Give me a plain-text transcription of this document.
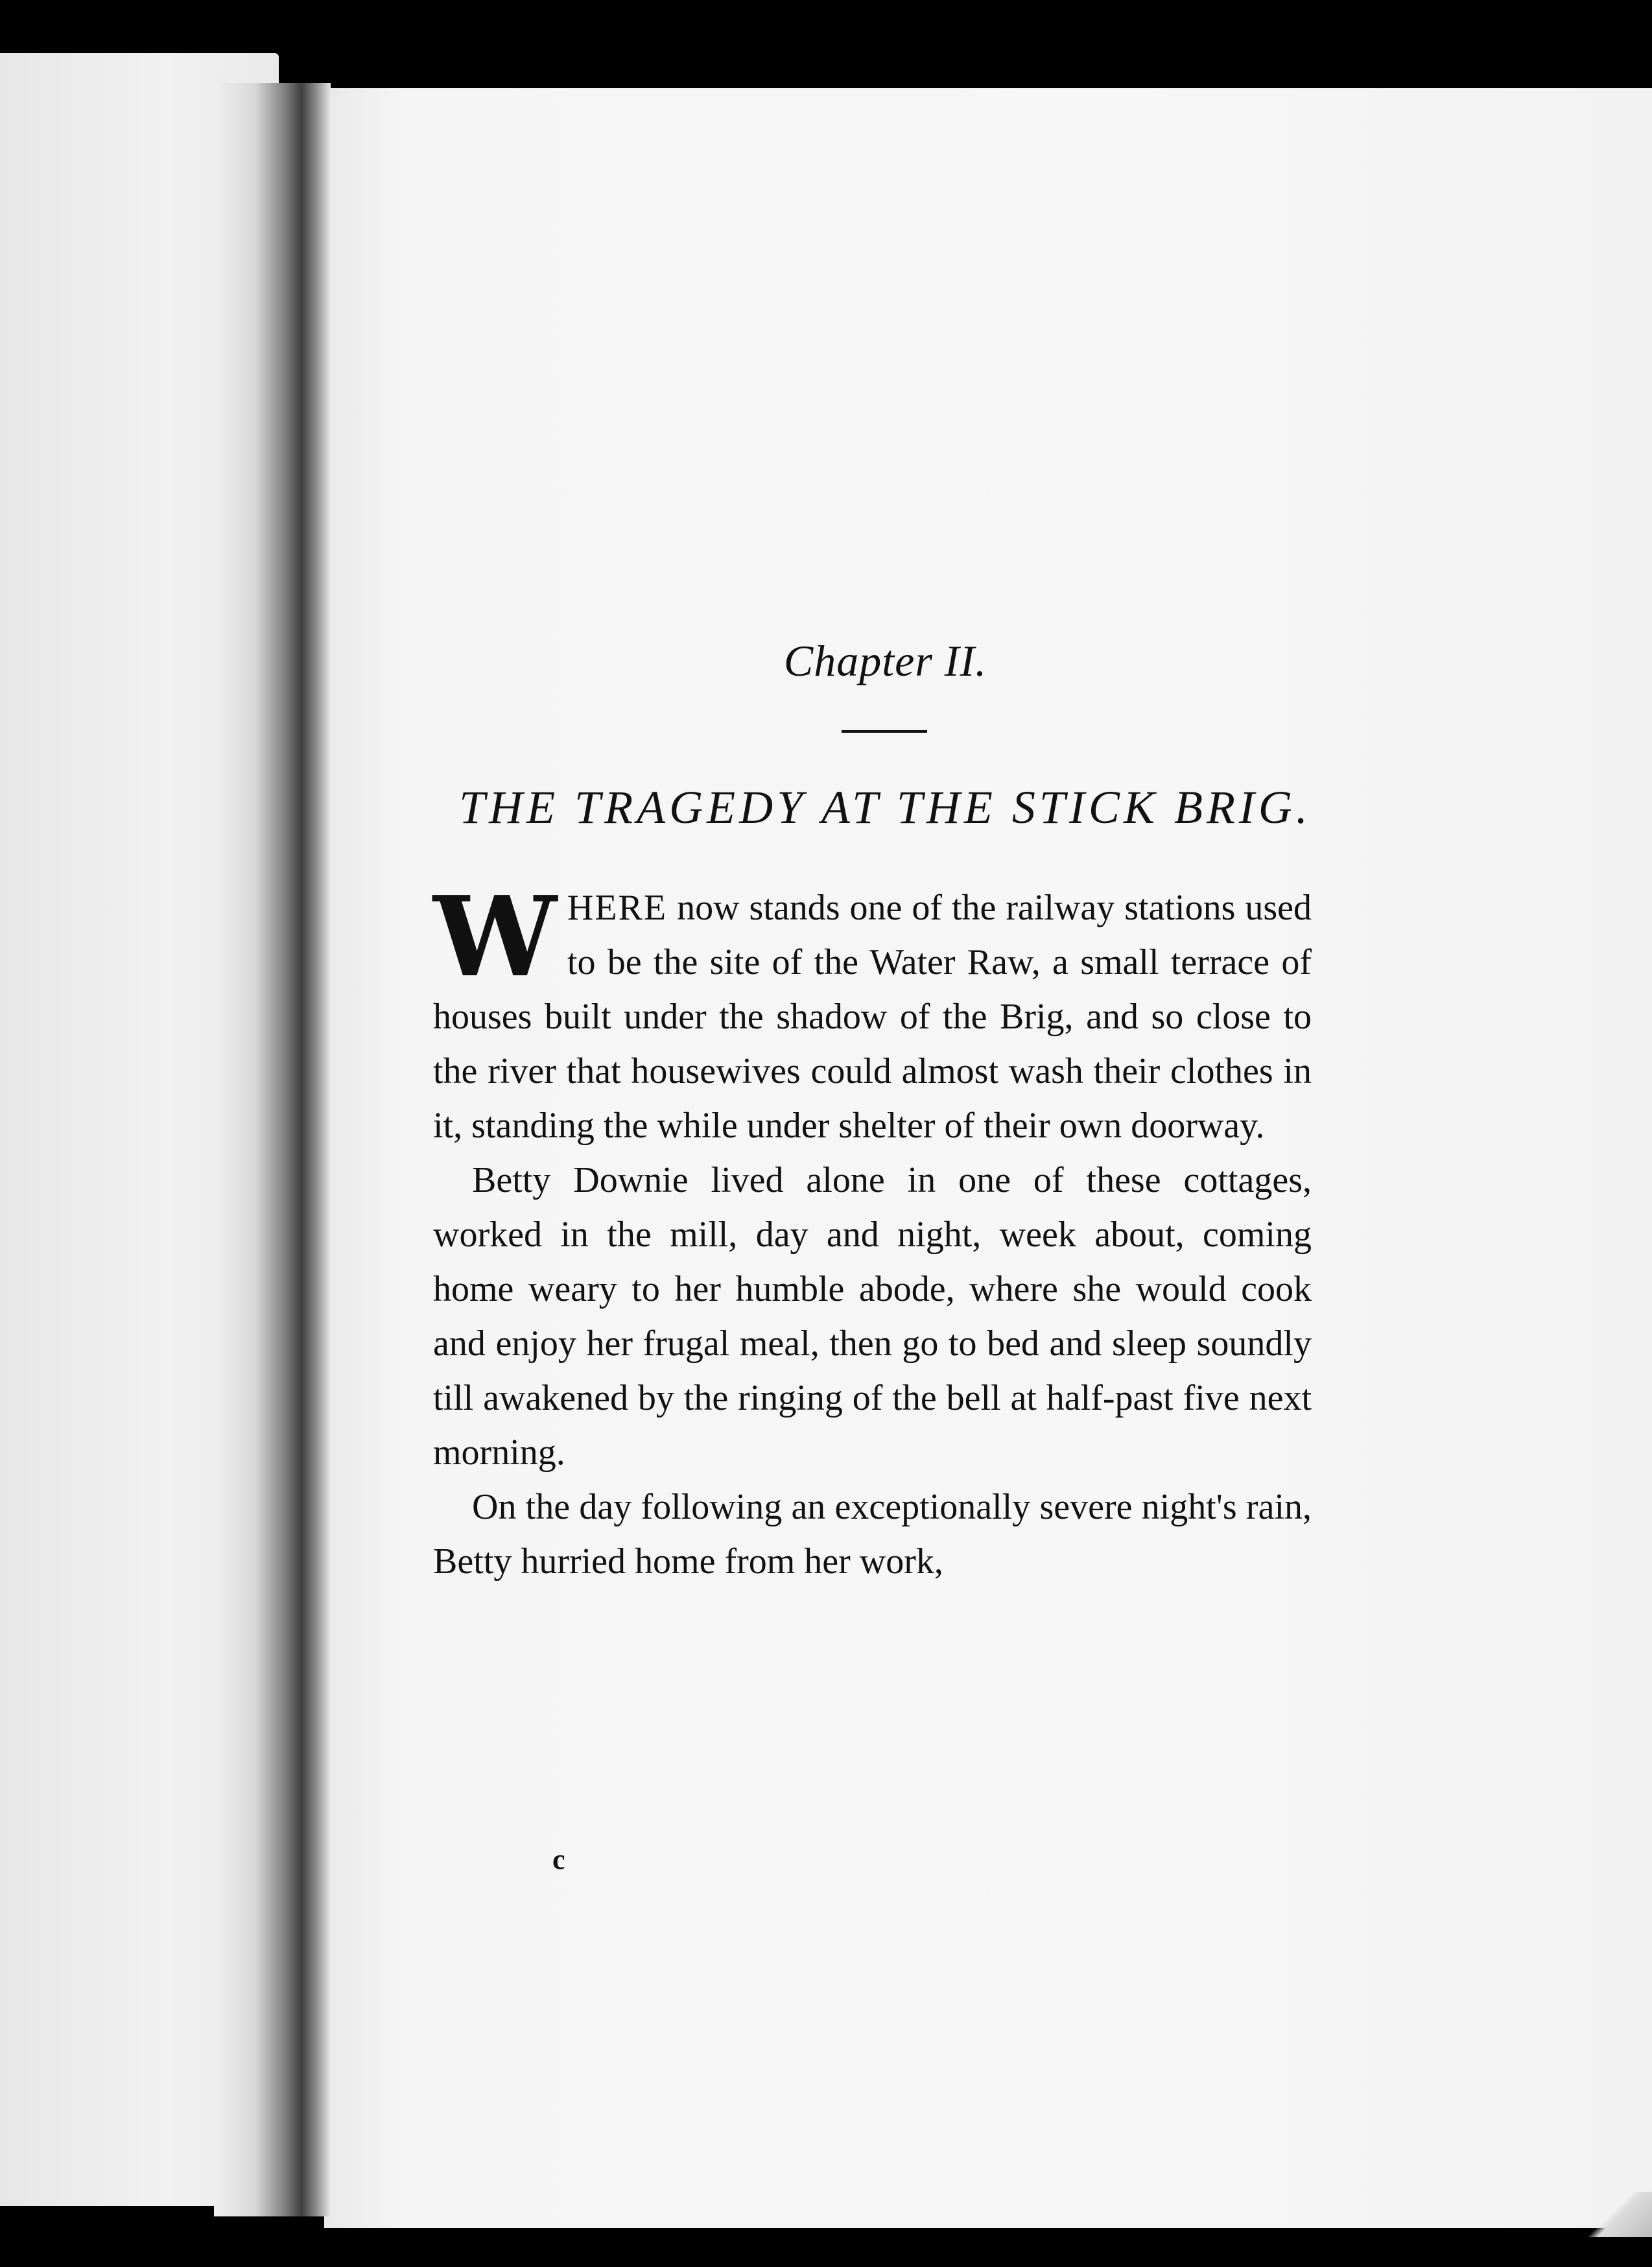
Chapter II.
THE TRAGEDY AT THE STICK BRIG.

WHERE now stands one of the railway stations used to be the site of the Water Raw, a small terrace of houses built under the shadow of the Brig, and so close to the river that housewives could almost wash their clothes in it, standing the while under shelter of their own doorway.

Betty Downie lived alone in one of these cottages, worked in the mill, day and night, week about, coming home weary to her humble abode, where she would cook and enjoy her frugal meal, then go to bed and sleep soundly till awakened by the ringing of the bell at half-past five next morning.

On the day following an exceptionally severe night's rain, Betty hurried home from her work,

c
